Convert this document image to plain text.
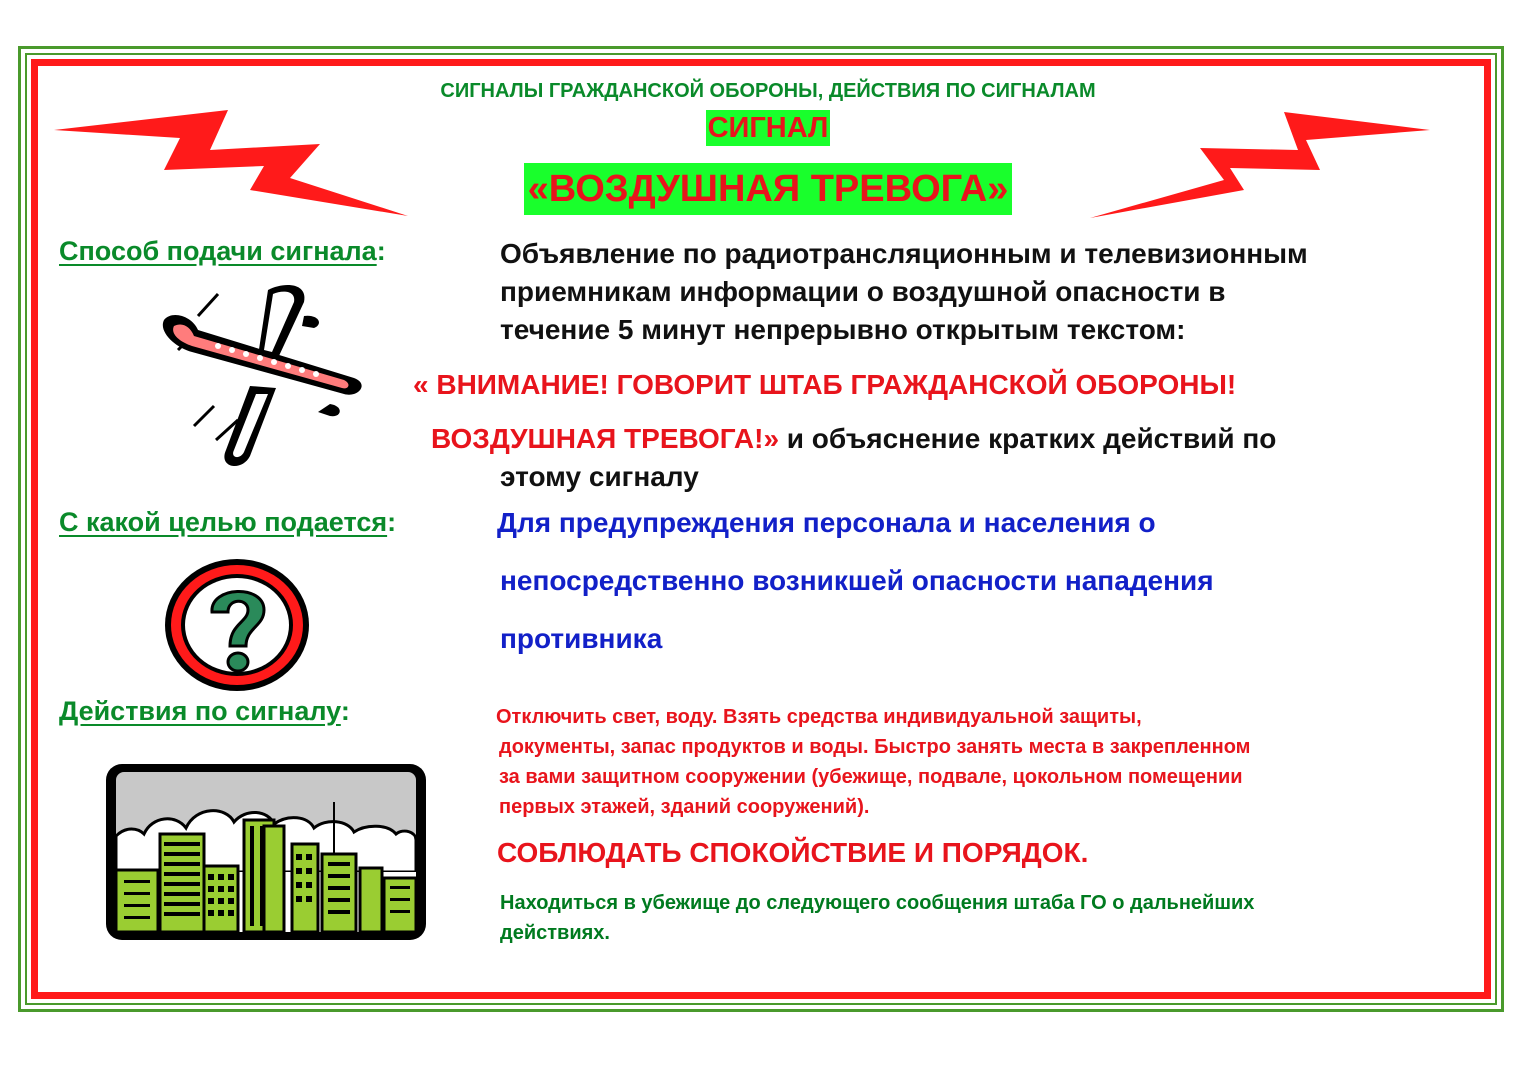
СИГНАЛЫ ГРАЖДАНСКОЙ ОБОРОНЫ, ДЕЙСТВИЯ ПО СИГНАЛАМ
СИГНАЛ
«ВОЗДУШНАЯ ТРЕВОГА»
Способ подачи сигнала:	Объявление по радиотрансляционным и телевизионным
приемникам информации о воздушной опасности в
течение 5 минут непрерывно открытым текстом:
« ВНИМАНИЕ! ГОВОРИТ ШТАБ ГРАЖДАНСКОЙ ОБОРОНЫ!
ВОЗДУШНАЯ ТРЕВОГА!» и объяснение кратких действий по
этому сигналу
С какой целью подается:	Для предупреждения персонала и населения о
непосредственно возникшей опасности нападения
противника
Действия по сигналу:	Отключить свет, воду. Взять средства индивидуальной защиты,
документы, запас продуктов и воды. Быстро занять места в закрепленном
за вами защитном сооружении (убежище, подвале, цокольном помещении
первых этажей, зданий сооружений).
СОБЛЮДАТЬ СПОКОЙСТВИЕ И ПОРЯДОК.
Находиться в убежище до следующего сообщения штаба ГО о дальнейших
действиях.
